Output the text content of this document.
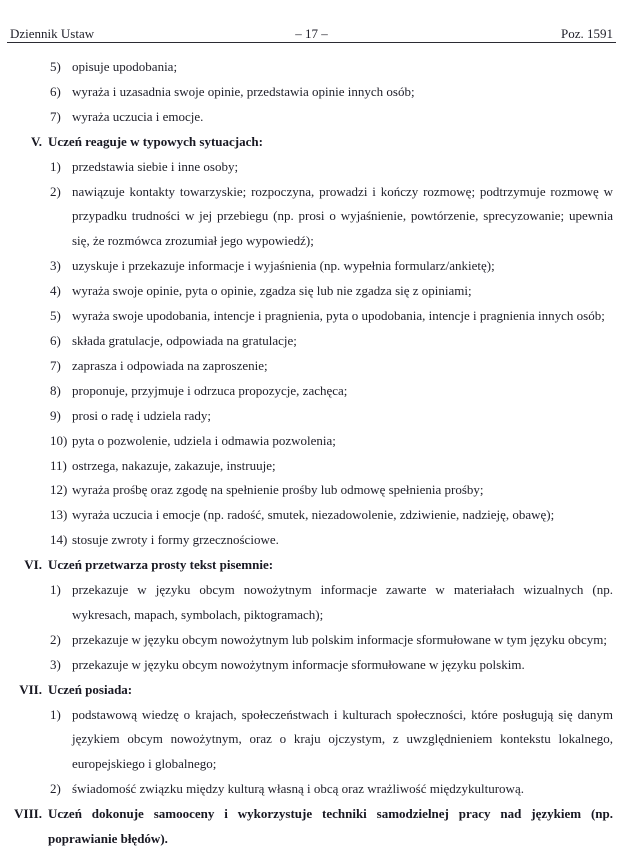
Dziennik Ustaw	– 17 –	Poz. 1591
5) opisuje upodobania;
6) wyraża i uzasadnia swoje opinie, przedstawia opinie innych osób;
7) wyraża uczucia i emocje.
V. Uczeń reaguje w typowych sytuacjach:
1) przedstawia siebie i inne osoby;
2) nawiązuje kontakty towarzyskie; rozpoczyna, prowadzi i kończy rozmowę; podtrzymuje rozmowę w przypadku trudności w jej przebiegu (np. prosi o wyjaśnienie, powtórzenie, sprecyzowanie; upewnia się, że rozmówca zrozumiał jego wypowiedź);
3) uzyskuje i przekazuje informacje i wyjaśnienia (np. wypełnia formularz/ankietę);
4) wyraża swoje opinie, pyta o opinie, zgadza się lub nie zgadza się z opiniami;
5) wyraża swoje upodobania, intencje i pragnienia, pyta o upodobania, intencje i pragnienia innych osób;
6) składa gratulacje, odpowiada na gratulacje;
7) zaprasza i odpowiada na zaproszenie;
8) proponuje, przyjmuje i odrzuca propozycje, zachęca;
9) prosi o radę i udziela rady;
10) pyta o pozwolenie, udziela i odmawia pozwolenia;
11) ostrzega, nakazuje, zakazuje, instruuje;
12) wyraża prośbę oraz zgodę na spełnienie prośby lub odmowę spełnienia prośby;
13) wyraża uczucia i emocje (np. radość, smutek, niezadowolenie, zdziwienie, nadzieję, obawę);
14) stosuje zwroty i formy grzecznościowe.
VI. Uczeń przetwarza prosty tekst pisemnie:
1) przekazuje w języku obcym nowożytnym informacje zawarte w materiałach wizualnych (np. wykresach, mapach, symbolach, piktogramach);
2) przekazuje w języku obcym nowożytnym lub polskim informacje sformułowane w tym języku obcym;
3) przekazuje w języku obcym nowożytnym informacje sformułowane w języku polskim.
VII. Uczeń posiada:
1) podstawową wiedzę o krajach, społeczeństwach i kulturach społeczności, które posługują się danym językiem obcym nowożytnym, oraz o kraju ojczystym, z uwzględnieniem kontekstu lokalnego, europejskiego i globalnego;
2) świadomość związku między kulturą własną i obcą oraz wrażliwość międzykulturową.
VIII. Uczeń dokonuje samooceny i wykorzystuje techniki samodzielnej pracy nad językiem (np. poprawianie błędów).
